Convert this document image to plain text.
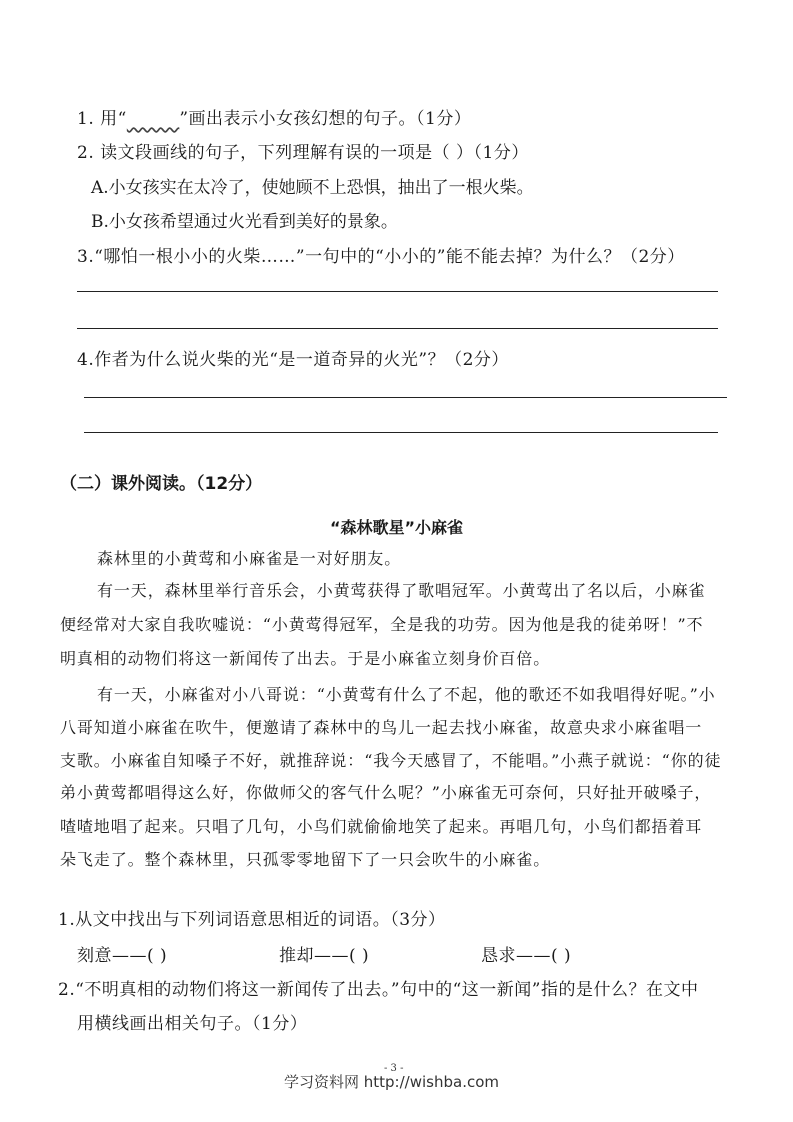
1. 用“～～～”画出表示小女孩幻想的句子。（1分）
2. 读文段画线的句子，下列理解有误的一项是（ ）（1分）
A.小女孩实在太冷了，使她顾不上恐惧，抽出了一根火柴。
B.小女孩希望通过火光看到美好的景象。
3.“哪怕一根小小的火柴……”一句中的“小小的”能不能去掉？为什么？（2分）
4.作者为什么说火柴的光“是一道奇异的火光”？（2分）
（二）课外阅读。（12分）
“森林歌星”小麻雀
森林里的小黄莺和小麻雀是一对好朋友。
有一天，森林里举行音乐会，小黄莺获得了歌唱冠军。小黄莺出了名以后，小麻雀
便经常对大家自我吹嘘说：“小黄莺得冠军，全是我的功劳。因为他是我的徒弟呀！”不
明真相的动物们将这一新闻传了出去。于是小麻雀立刻身价百倍。
有一天，小麻雀对小八哥说：“小黄莺有什么了不起，他的歌还不如我唱得好呢。”小
八哥知道小麻雀在吹牛，便邀请了森林中的鸟儿一起去找小麻雀，故意央求小麻雀唱一
支歌。小麻雀自知嗓子不好，就推辞说：“我今天感冒了，不能唱。”小燕子就说：“你的徒
弟小黄莺都唱得这么好，你做师父的客气什么呢？”小麻雀无可奈何，只好扯开破嗓子，
喳喳地唱了起来。只唱了几句，小鸟们就偷偷地笑了起来。再唱几句，小鸟们都捂着耳
朵飞走了。整个森林里，只孤零零地留下了一只会吹牛的小麻雀。
1.从文中找出与下列词语意思相近的词语。（3分）
刻意——( )	推却——( )	恳求——( )
2.“不明真相的动物们将这一新闻传了出去。”句中的“这一新闻”指的是什么？在文中
用横线画出相关句子。（1分）
- 3 -
学习资料网 http://wishba.com
